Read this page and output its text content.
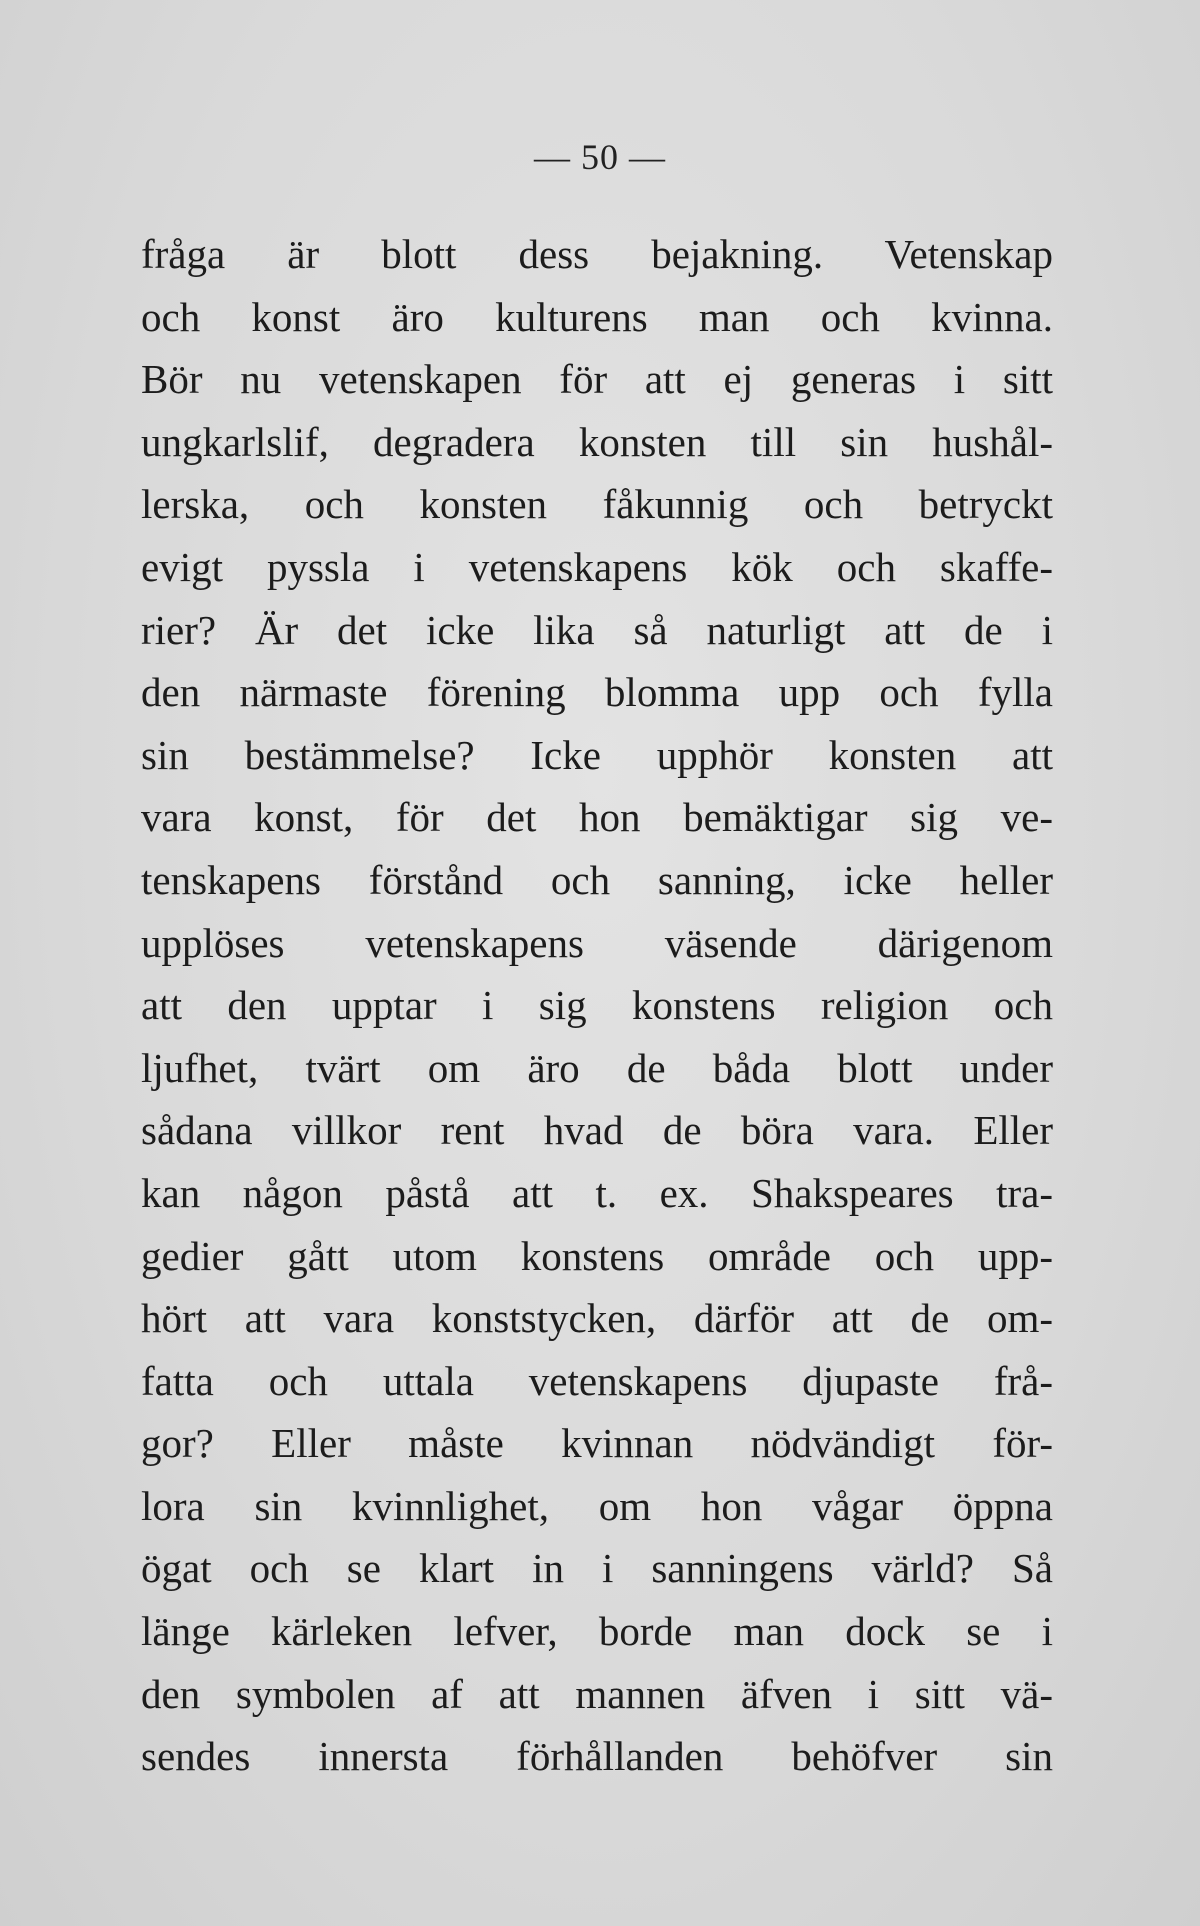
— 50 —
fråga är blott dess bejakning. Vetenskap
och konst äro kulturens man och kvinna.
Bör nu vetenskapen för att ej generas i sitt
ungkarlslif, degradera konsten till sin hushål-
lerska, och konsten fåkunnig och betryckt
evigt pyssla i vetenskapens kök och skaffe-
rier? Är det icke lika så naturligt att de i
den närmaste förening blomma upp och fylla
sin bestämmelse? Icke upphör konsten att
vara konst, för det hon bemäktigar sig ve-
tenskapens förstånd och sanning, icke heller
upplöses vetenskapens väsende därigenom
att den upptar i sig konstens religion och
ljufhet, tvärt om äro de båda blott under
sådana villkor rent hvad de böra vara. Eller
kan någon påstå att t. ex. Shakspeares tra-
gedier gått utom konstens område och upp-
hört att vara konststycken, därför att de om-
fatta och uttala vetenskapens djupaste frå-
gor? Eller måste kvinnan nödvändigt för-
lora sin kvinnlighet, om hon vågar öppna
ögat och se klart in i sanningens värld? Så
länge kärleken lefver, borde man dock se i
den symbolen af att mannen äfven i sitt vä-
sendes innersta förhållanden behöfver sin
